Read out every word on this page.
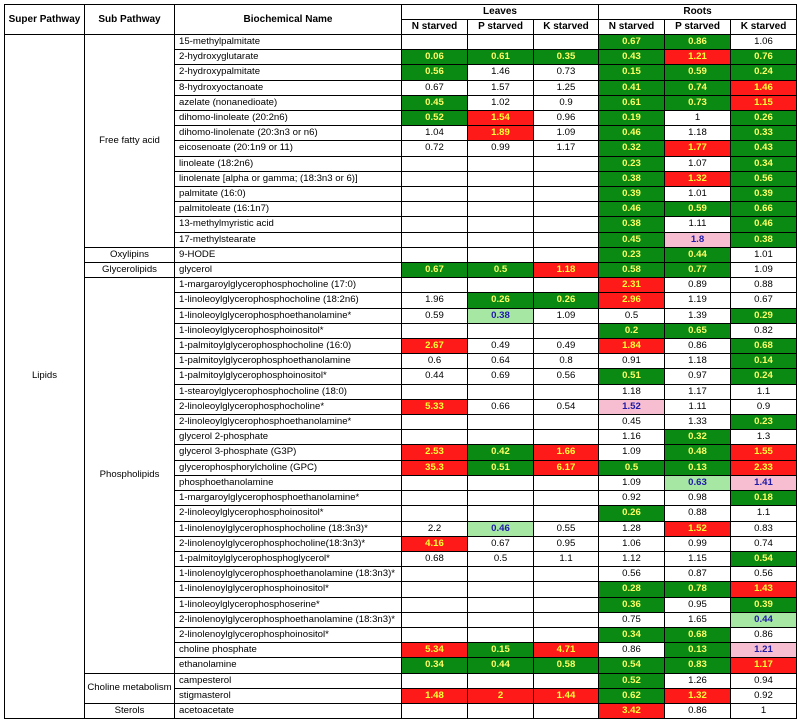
Super Pathway	Sub Pathway	Biochemical Name	Leaves			Roots		
			N starved	P starved	K starved	N starved	P starved	K starved
Lipids	Free fatty acid	15-methylpalmitate				0.67	0.86	1.06
		2-hydroxyglutarate	0.06	0.61	0.35	0.43	1.21	0.76
		2-hydroxypalmitate	0.56	1.46	0.73	0.15	0.59	0.24
		8-hydroxyoctanoate	0.67	1.57	1.25	0.41	0.74	1.46
		azelate (nonanedioate)	0.45	1.02	0.9	0.61	0.73	1.15
		dihomo-linoleate (20:2n6)	0.52	1.54	0.96	0.19	1	0.26
		dihomo-linolenate (20:3n3 or n6)	1.04	1.89	1.09	0.46	1.18	0.33
		eicosenoate (20:1n9 or 11)	0.72	0.99	1.17	0.32	1.77	0.43
		linoleate (18:2n6)				0.23	1.07	0.34
		linolenate [alpha or gamma; (18:3n3 or 6)]				0.38	1.32	0.56
		palmitate (16:0)				0.39	1.01	0.39
		palmitoleate (16:1n7)				0.46	0.59	0.66
		13-methylmyristic acid				0.38	1.11	0.46
		17-methylstearate				0.45	1.8	0.38
	Oxylipins	9-HODE				0.23	0.44	1.01
	Glycerolipids	glycerol	0.67	0.5	1.18	0.58	0.77	1.09
	Phospholipids	1-margaroylglycerophosphocholine (17:0)				2.31	0.89	0.88
		1-linoleoylglycerophosphocholine (18:2n6)	1.96	0.26	0.26	2.96	1.19	0.67
		1-linoleoylglycerophosphoethanolamine*	0.59	0.38	1.09	0.5	1.39	0.29
		1-linoleoylglycerophosphoinositol*				0.2	0.65	0.82
		1-palmitoylglycerophosphocholine (16:0)	2.67	0.49	0.49	1.84	0.86	0.68
		1-palmitoylglycerophosphoethanolamine	0.6	0.64	0.8	0.91	1.18	0.14
		1-palmitoylglycerophosphoinositol*	0.44	0.69	0.56	0.51	0.97	0.24
		1-stearoylglycerophosphocholine (18:0)				1.18	1.17	1.1
		2-linoleoylglycerophosphocholine*	5.33	0.66	0.54	1.52	1.11	0.9
		2-linoleoylglycerophosphoethanolamine*				0.45	1.33	0.23
		glycerol 2-phosphate				1.16	0.32	1.3
		glycerol 3-phosphate (G3P)	2.53	0.42	1.66	1.09	0.48	1.55
		glycerophosphorylcholine (GPC)	35.3	0.51	6.17	0.5	0.13	2.33
		phosphoethanolamine				1.09	0.63	1.41
		1-margaroylglycerophosphoethanolamine*				0.92	0.98	0.18
		2-linoleoylglycerophosphoinositol*				0.26	0.88	1.1
		1-linolenoylglycerophosphocholine (18:3n3)*	2.2	0.46	0.55	1.28	1.52	0.83
		2-linolenoylglycerophosphocholine(18:3n3)*	4.16	0.67	0.95	1.06	0.99	0.74
		1-palmitoylglycerophosphoglycerol*	0.68	0.5	1.1	1.12	1.15	0.54
		1-linolenoylglycerophosphoethanolamine (18:3n3)*				0.56	0.87	0.56
		1-linolenoylglycerophosphoinositol*				0.28	0.78	1.43
		1-linoleoylglycerophosphoserine*				0.36	0.95	0.39
		2-linolenoylglycerophosphoethanolamine (18:3n3)*				0.75	1.65	0.44
		2-linolenoylglycerophosphoinositol*				0.34	0.68	0.86
		choline phosphate	5.34	0.15	4.71	0.86	0.13	1.21
		ethanolamine	0.34	0.44	0.58	0.54	0.83	1.17
	Choline metabolism	campesterol				0.52	1.26	0.94
		stigmasterol	1.48	2	1.44	0.62	1.32	0.92
	Sterols	acetoacetate				3.42	0.86	1
